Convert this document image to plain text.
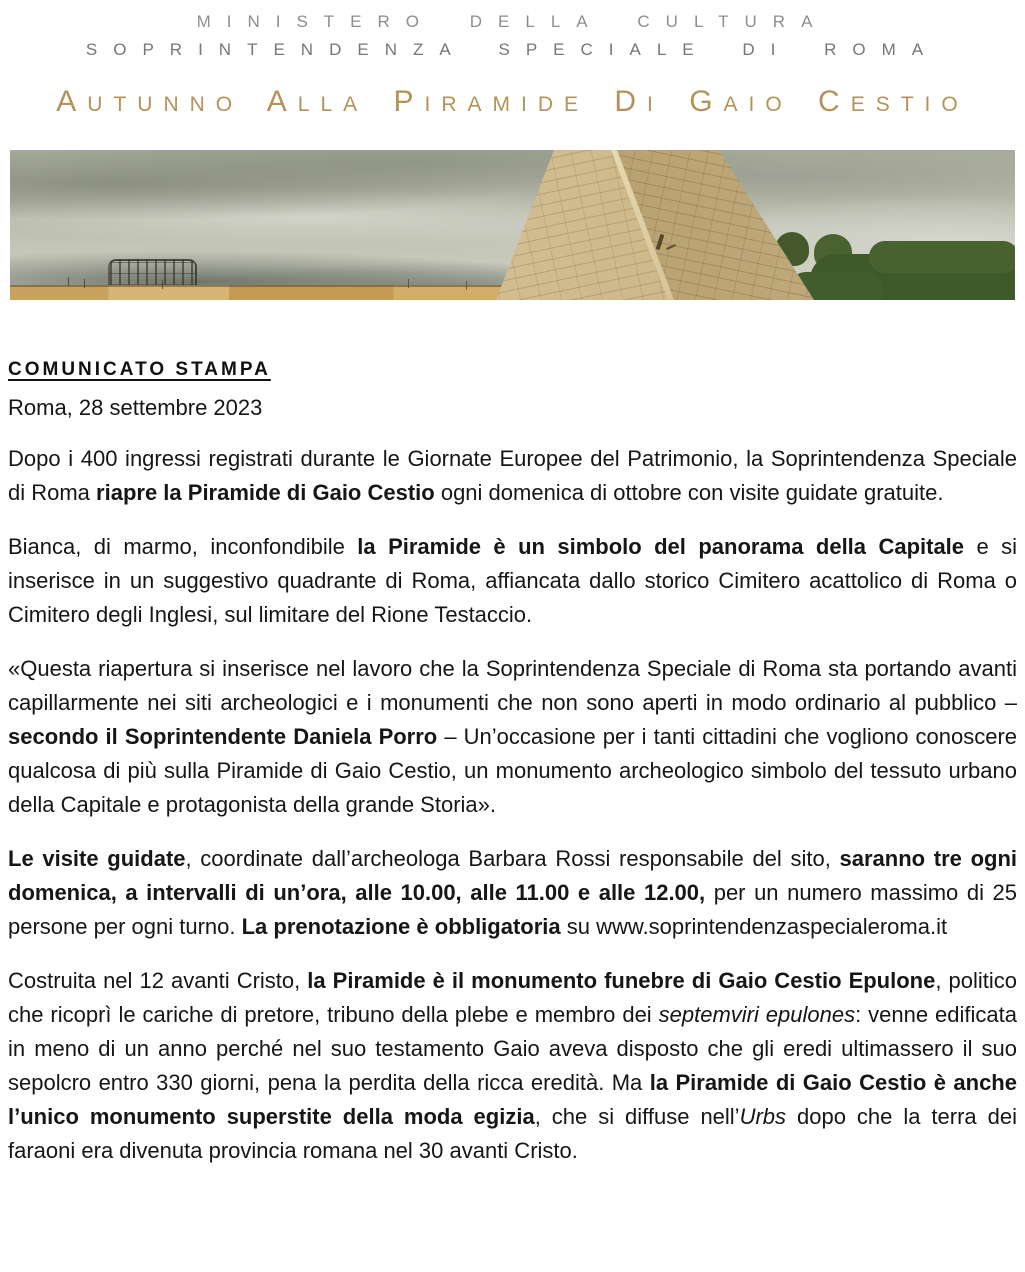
MINISTERO DELLA CULTURA
SOPRINTENDENZA SPECIALE DI ROMA
Autunno Alla Piramide Di Gaio Cestio
COMUNICATO STAMPA
Roma, 28 settembre 2023

Dopo i 400 ingressi registrati durante le Giornate Europee del Patrimonio, la Soprintendenza Speciale di Roma riapre la Piramide di Gaio Cestio ogni domenica di ottobre con visite guidate gratuite.

Bianca, di marmo, inconfondibile la Piramide è un simbolo del panorama della Capitale e si inserisce in un suggestivo quadrante di Roma, affiancata dallo storico Cimitero acattolico di Roma o Cimitero degli Inglesi, sul limitare del Rione Testaccio.

«Questa riapertura si inserisce nel lavoro che la Soprintendenza Speciale di Roma sta portando avanti capillarmente nei siti archeologici e i monumenti che non sono aperti in modo ordinario al pubblico – secondo il Soprintendente Daniela Porro – Un’occasione per i tanti cittadini che vogliono conoscere qualcosa di più sulla Piramide di Gaio Cestio, un monumento archeologico simbolo del tessuto urbano della Capitale e protagonista della grande Storia».

Le visite guidate, coordinate dall’archeologa Barbara Rossi responsabile del sito, saranno tre ogni domenica, a intervalli di un’ora, alle 10.00, alle 11.00 e alle 12.00, per un numero massimo di 25 persone per ogni turno. La prenotazione è obbligatoria su www.soprintendenzaspecialeroma.it

Costruita nel 12 avanti Cristo, la Piramide è il monumento funebre di Gaio Cestio Epulone, politico che ricoprì le cariche di pretore, tribuno della plebe e membro dei septemviri epulones: venne edificata in meno di un anno perché nel suo testamento Gaio aveva disposto che gli eredi ultimassero il suo sepolcro entro 330 giorni, pena la perdita della ricca eredità. Ma la Piramide di Gaio Cestio è anche l’unico monumento superstite della moda egizia, che si diffuse nell’Urbs dopo che la terra dei faraoni era divenuta provincia romana nel 30 avanti Cristo.
